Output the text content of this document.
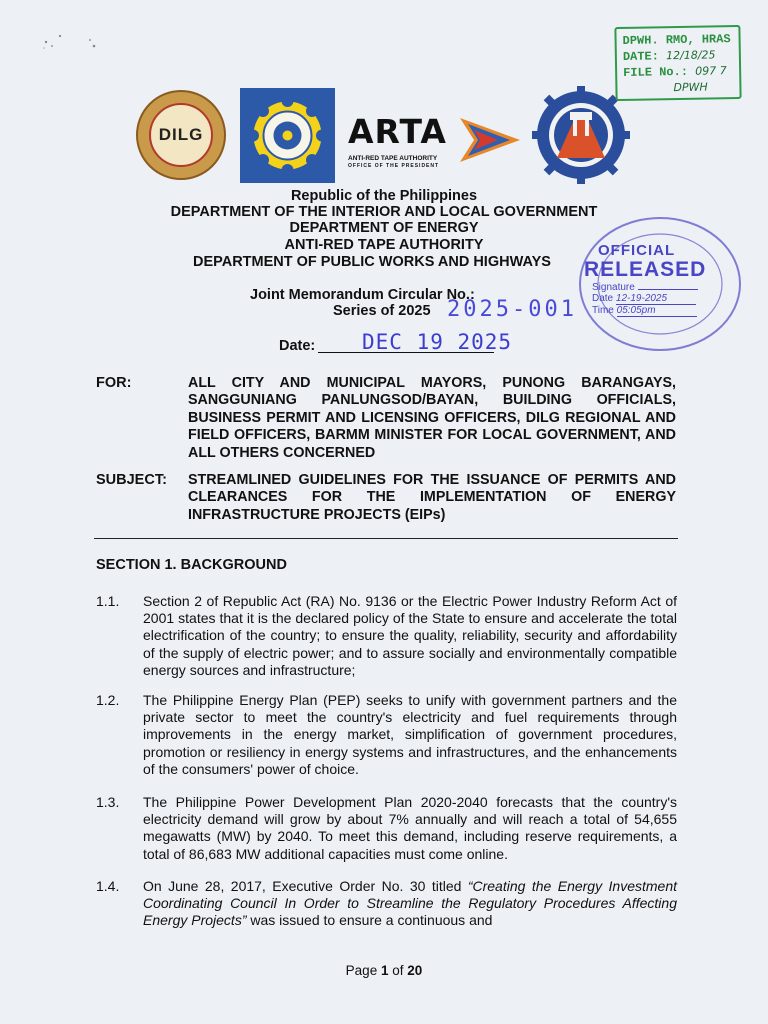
DILG	ARTA
ANTI-RED TAPE AUTHORITY
OFFICE OF THE PRESIDENT
DPWH. RMO, HRAS
DATE: 12/18/25
FILE No.: 097 7
DPWH
OFFICIAL
RELEASED
Signature
Date 12-19-2025
Time 05:05pm
Republic of the Philippines
DEPARTMENT OF THE INTERIOR AND LOCAL GOVERNMENT
DEPARTMENT OF ENERGY
ANTI-RED TAPE AUTHORITY
DEPARTMENT OF PUBLIC WORKS AND HIGHWAYS
Joint Memorandum Circular No.:
Series of 2025 2025-001
Date: DEC 19 2025
FOR:	ALL CITY AND MUNICIPAL MAYORS, PUNONG BARANGAYS, SANGGUNIANG PANLUNGSOD/BAYAN, BUILDING OFFICIALS, BUSINESS PERMIT AND LICENSING OFFICERS, DILG REGIONAL AND FIELD OFFICERS, BARMM MINISTER FOR LOCAL GOVERNMENT, AND ALL OTHERS CONCERNED
SUBJECT: STREAMLINED GUIDELINES FOR THE ISSUANCE OF PERMITS AND CLEARANCES FOR THE IMPLEMENTATION OF ENERGY INFRASTRUCTURE PROJECTS (EIPs)
SECTION 1. BACKGROUND
1.1. Section 2 of Republic Act (RA) No. 9136 or the Electric Power Industry Reform Act of 2001 states that it is the declared policy of the State to ensure and accelerate the total electrification of the country; to ensure the quality, reliability, security and affordability of the supply of electric power; and to assure socially and environmentally compatible energy sources and infrastructure;
1.2. The Philippine Energy Plan (PEP) seeks to unify with government partners and the private sector to meet the country's electricity and fuel requirements through improvements in the energy market, simplification of government procedures, promotion or resiliency in energy systems and infrastructures, and the enhancements of the consumers' power of choice.
1.3. The Philippine Power Development Plan 2020-2040 forecasts that the country's electricity demand will grow by about 7% annually and will reach a total of 54,655 megawatts (MW) by 2040. To meet this demand, including reserve requirements, a total of 86,683 MW additional capacities must come online.
1.4. On June 28, 2017, Executive Order No. 30 titled “Creating the Energy Investment Coordinating Council In Order to Streamline the Regulatory Procedures Affecting Energy Projects” was issued to ensure a continuous and
Page 1 of 20
